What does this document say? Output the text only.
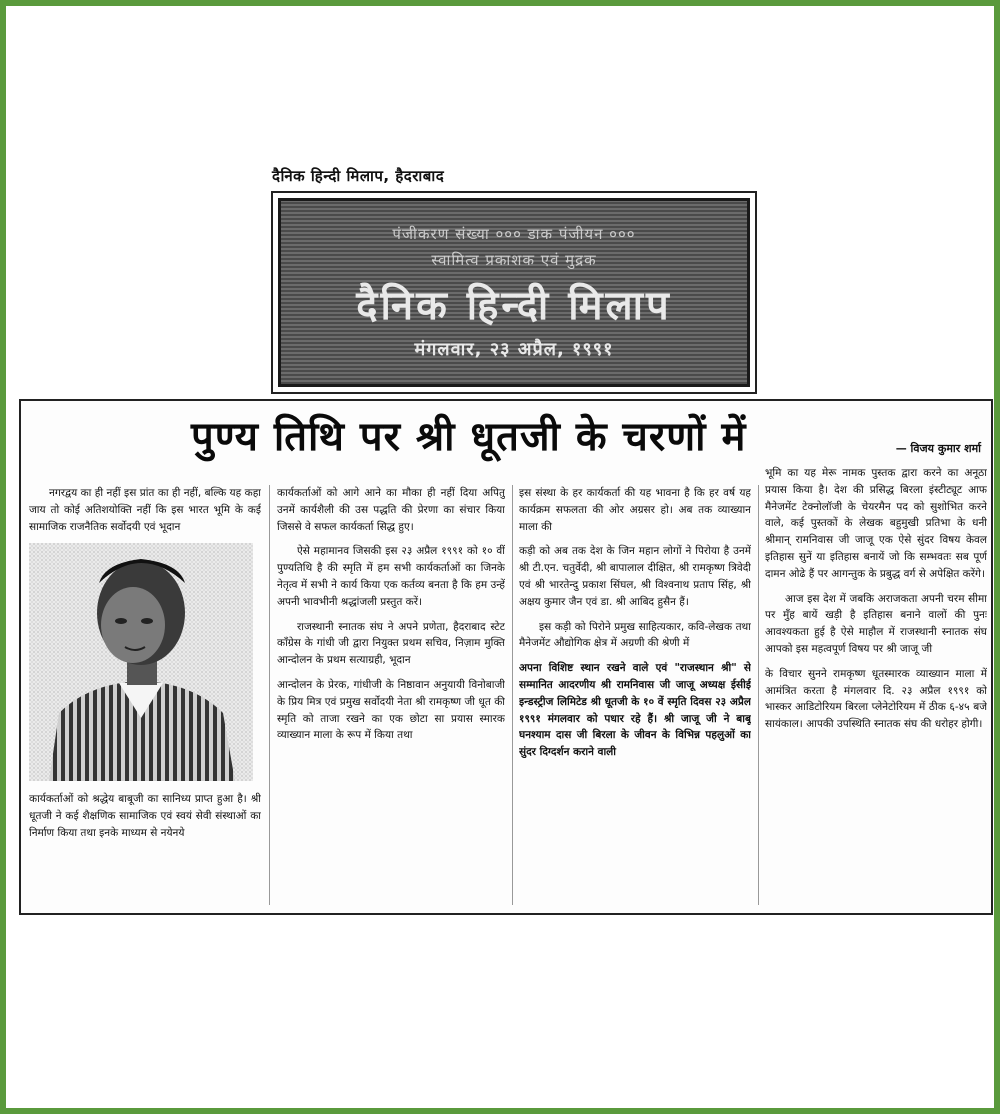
दैनिक हिन्दी मिलाप, हैदराबाद
पंजीकरण संख्या ००० डाक पंजीयन ०००
स्वामित्व प्रकाशक एवं मुद्रक
दैनिक हिन्दी मिलाप
मंगलवार, २३ अप्रैल, १९९१
पुण्य तिथि पर श्री धूतजी के चरणों में	— विजय कुमार शर्मा

नगरद्वय का ही नहीं इस प्रांत का ही नहीं, बल्कि यह कहा जाय तो कोई अतिशयोक्ति नहीं कि इस भारत भूमि के कई सामाजिक राजनैतिक सर्वोदयी एवं भूदान

कार्यकर्ताओं को श्रद्धेय बाबूजी का सानिध्य प्राप्त हुआ है। श्री धूतजी ने कई शैक्षणिक सामाजिक एवं स्वयं सेवी संस्थाओं का निर्माण किया तथा इनके माध्यम से नयेनये

कार्यकर्ताओं को आगे आने का मौका ही नहीं दिया अपितु उनमें कार्यशैली की उस पद्धति की प्रेरणा का संचार किया जिससे वे सफल कार्यकर्ता सिद्ध हुए।

ऐसे महामानव जिसकी इस २३ अप्रैल १९९१ को १० वीं पुण्यतिथि है की स्मृति में हम सभी कार्यकर्ताओं का जिनके नेतृत्व में सभी ने कार्य किया एक कर्तव्य बनता है कि हम उन्हें अपनी भावभीनी श्रद्धांजली प्रस्तुत करें।

राजस्थानी स्नातक संघ ने अपने प्रणेता, हैदराबाद स्टेट काँग्रेस के गांधी जी द्वारा नियुक्त प्रथम सचिव, निज़ाम मुक्ति आन्दोलन के प्रथम सत्याग्रही, भूदान

आन्दोलन के प्रेरक, गांधीजी के निष्ठावान अनुयायी विनोबाजी के प्रिय मित्र एवं प्रमुख सर्वोदयी नेता श्री रामकृष्ण जी धूत की स्मृति को ताजा रखने का एक छोटा सा प्रयास स्मारक व्याख्यान माला के रूप में किया तथा

इस संस्था के हर कार्यकर्ता की यह भावना है कि हर वर्ष यह कार्यक्रम सफलता की ओर अग्रसर हो। अब तक व्याख्यान माला की

कड़ी को अब तक देश के जिन महान लोगों ने पिरोया है उनमें श्री टी.एन. चतुर्वेदी, श्री बापालाल दीक्षित, श्री रामकृष्ण त्रिवेदी एवं श्री भारतेन्दु प्रकाश सिंघल, श्री विश्वनाथ प्रताप सिंह, श्री अक्षय कुमार जैन एवं डा. श्री आबिद हुसैन हैं।

इस कड़ी को पिरोने प्रमुख साहित्यकार, कवि-लेखक तथा मैनेजमेंट औद्योगिक क्षेत्र में अग्रणी की श्रेणी में

अपना विशिष्ट स्थान रखने वाले एवं "राजस्थान श्री" से सम्मानित आदरणीय श्री रामनिवास जी जाजू अध्यक्ष ईसीई इन्डस्ट्रीज लिमिटेड श्री धूतजी के १० वें स्मृति दिवस २३ अप्रैल १९९१ मंगलवार को पधार रहे हैं। श्री जाजू जी ने बाबू घनश्याम दास जी बिरला के जीवन के विभिन्न पहलुओं का सुंदर दिग्दर्शन कराने वाली

भूमि का यह मेरू नामक पुस्तक द्वारा करने का अनूठा प्रयास किया है। देश की प्रसिद्ध बिरला इंस्टीट्यूट आफ मैनेजमेंट टेक्नोलॉजी के चेयरमैन पद को सुशोभित करने वाले, कई पुस्तकों के लेखक बहुमुखी प्रतिभा के धनी श्रीमान् रामनिवास जी जाजू एक ऐसे सुंदर विषय केवल इतिहास सुनें या इतिहास बनायें जो कि सम्भवतः सब पूर्ण दामन ओढे हैं पर आगन्तुक के प्रबुद्ध वर्ग से अपेक्षित करेंगे।

आज इस देश में जबकि अराजकता अपनी चरम सीमा पर मुँह बायें खड़ी है इतिहास बनाने वालों की पुनः आवश्यकता हुई है ऐसे माहौल में राजस्थानी स्नातक संघ आपको इस महत्वपूर्ण विषय पर श्री जाजू जी

के विचार सुनने रामकृष्ण धूतस्मारक व्याख्यान माला में आमंत्रित करता है मंगलवार दि. २३ अप्रैल १९९१ को भास्कर आडिटोरियम बिरला प्लेनेटोरियम में ठीक ६-४५ बजे सायंकाल। आपकी उपस्थिति स्नातक संघ की धरोहर होगी।
